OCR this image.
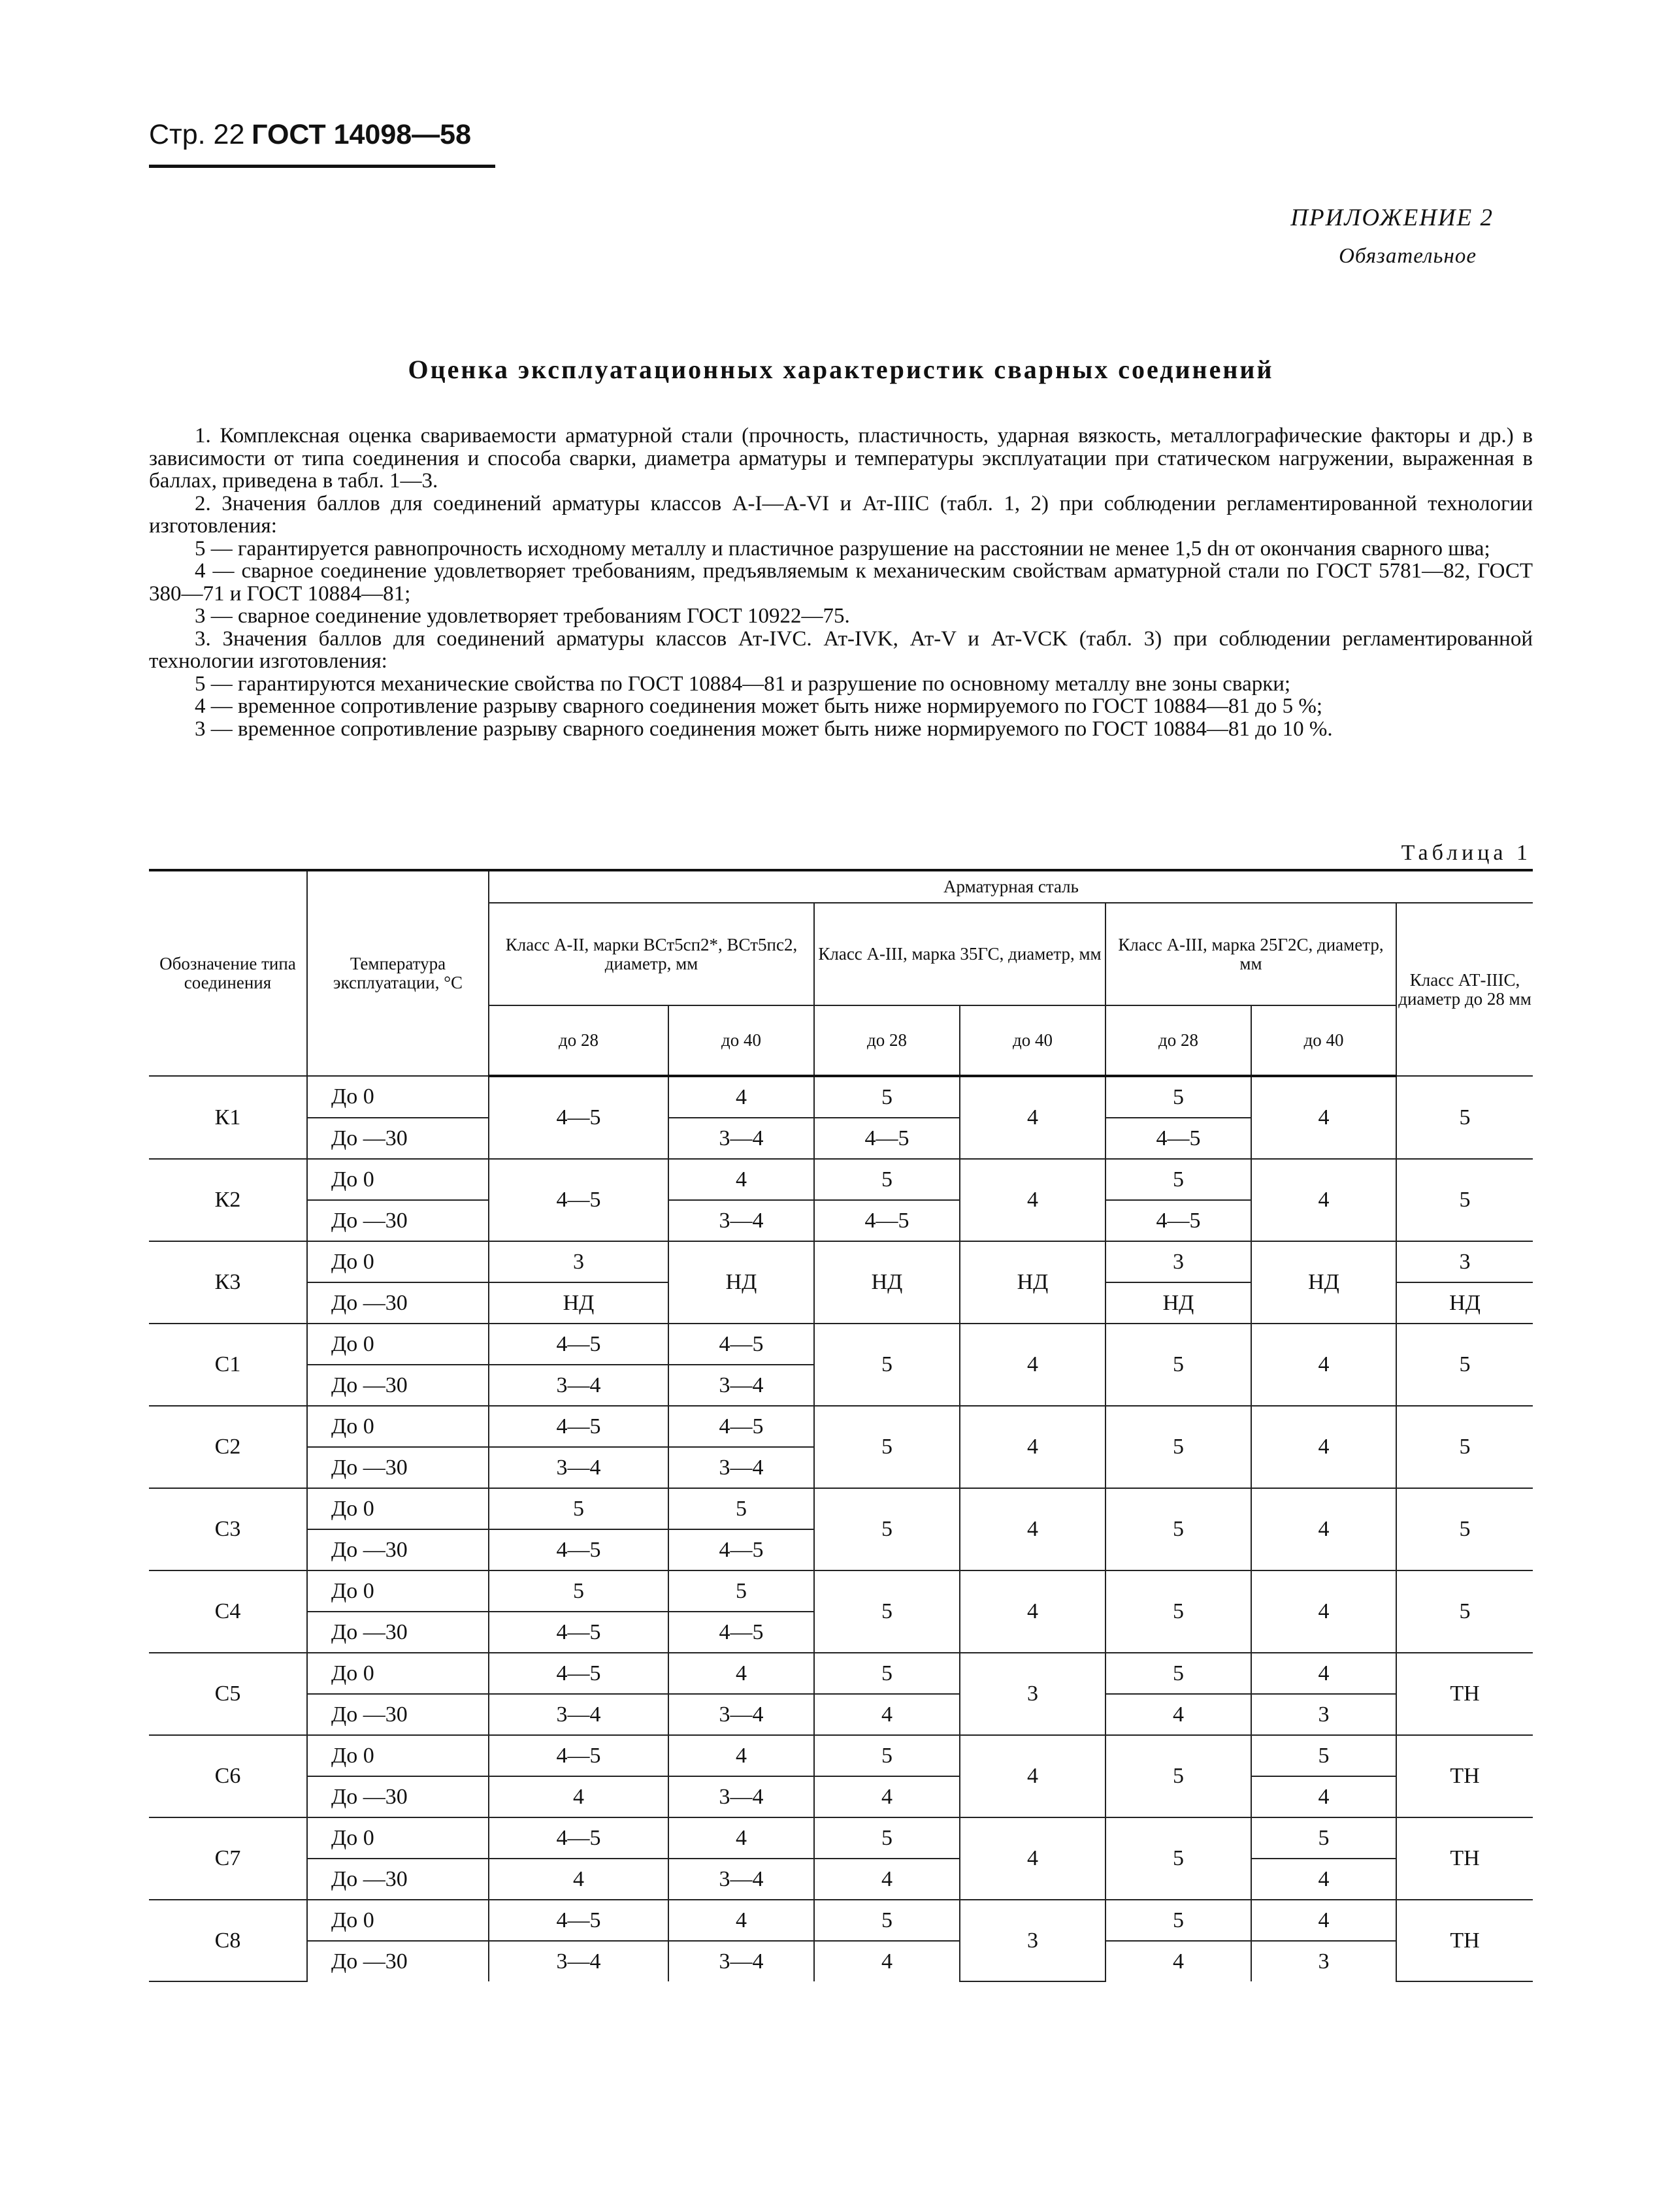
Стр. 22 ГОСТ 14098—58
ПРИЛОЖЕНИЕ 2
Обязательное
Оценка эксплуатационных характеристик сварных соединений

1. Комплексная оценка свариваемости арматурной стали (прочность, пластичность, ударная вязкость, металлографические факторы и др.) в зависимости от типа соединения и способа сварки, диаметра арматуры и температуры эксплуатации при статическом нагружении, выраженная в баллах, приведена в табл. 1—3.

2. Значения баллов для соединений арматуры классов А-I—А-VI и Ат-IIIС (табл. 1, 2) при соблюдении регламентированной технологии изготовления:

5 — гарантируется равнопрочность исходному металлу и пластичное разрушение на расстоянии не менее 1,5 dн от окончания сварного шва;

4 — сварное соединение удовлетворяет требованиям, предъявляемым к механическим свойствам арматурной стали по ГОСТ 5781—82, ГОСТ 380—71 и ГОСТ 10884—81;

3 — сварное соединение удовлетворяет требованиям ГОСТ 10922—75.

3. Значения баллов для соединений арматуры классов Ат-IVC. Ат-IVK, Ат-V и Ат-VCK (табл. 3) при соблюдении регламентированной технологии изготовления:

5 — гарантируются механические свойства по ГОСТ 10884—81 и разрушение по основному металлу вне зоны сварки;

4 — временное сопротивление разрыву сварного соединения может быть ниже нормируемого по ГОСТ 10884—81 до 5 %;

3 — временное сопротивление разрыву сварного соединения может быть ниже нормируемого по ГОСТ 10884—81 до 10 %.

Таблица 1
Обозначение типа соединения	Температура эксплуатации, °С	Арматурная сталь						
		Класс А-II, марки ВСт5сп2*, ВСт5пс2, диаметр, мм		Класс А-III, марка 35ГС, диаметр, мм		Класс А-III, марка 25Г2С, диаметр, мм		Класс АТ-IIIС, диаметр до 28 мм
		до 28	до 40	до 28	до 40	до 28	до 40	
К1	До 0	4—5	4	5	4	5	4	5
	До —30		3—4	4—5		4—5		
К2	До 0	4—5	4	5	4	5	4	5
	До —30		3—4	4—5		4—5		
К3	До 0	3	НД	НД	НД	3	НД	3
	До —30	НД				НД		НД
С1	До 0	4—5	4—5	5	4	5	4	5
	До —30	3—4	3—4					
С2	До 0	4—5	4—5	5	4	5	4	5
	До —30	3—4	3—4					
С3	До 0	5	5	5	4	5	4	5
	До —30	4—5	4—5					
С4	До 0	5	5	5	4	5	4	5
	До —30	4—5	4—5					
С5	До 0	4—5	4	5	3	5	4	ТН
	До —30	3—4	3—4	4		4	3	
С6	До 0	4—5	4	5	4	5	5	ТН
	До —30	4	3—4	4			4	
С7	До 0	4—5	4	5	4	5	5	ТН
	До —30	4	3—4	4			4	
С8	До 0	4—5	4	5	3	5	4	ТН
	До —30	3—4	3—4	4		4	3	
